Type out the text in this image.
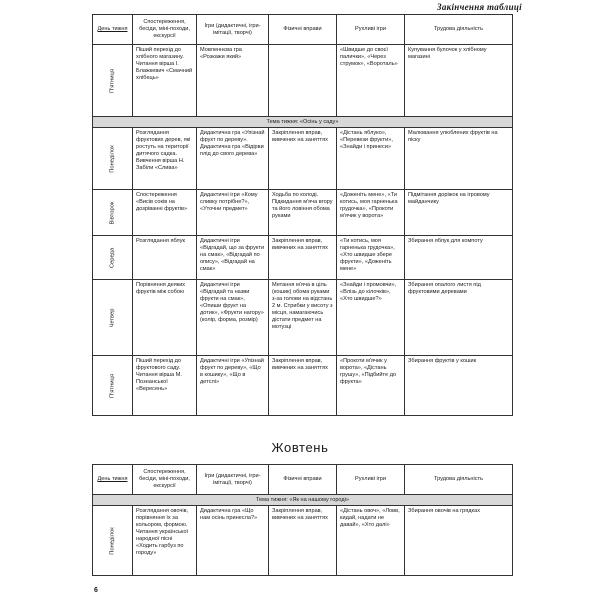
Закінчення таблиці
День тижня	Спостереження, бесіди, міні-походи, екскурсії	Ігри (дидактичні, ігри-імітації, творчі)	Фізичні вправи	Рухливі ігри	Трудова діяльність

П'ятниця	Піший перехід до хлібного магазину. Читання вірша І. Блажкевич «Смачний хлібець»	Мовленнєва гра «Розкажи який»		«Швидше до своєї палички», «Через струмок», «Вороталь»	Купування булочок у хлібному магазині
Тема тижня: «Осінь у саду»					

Понеділок	Розглядання фруктових дерев, які ростуть на території дитячого садка. Вивчення вірша Н. Забіли «Слива»	Дидактична гра «Упізнай фрукт по дереву». Дидактична гра «Відірви плід до свого дерева»	Закріплення вправ, вивчених на заняттях	«Дістань яблуко», «Перевези фрукти», «Знайди і принеси»	Малювання улюблених фруктів на піску

Вівторок	Спостереження «Висів соків на дозріванні фруктів»	Дидактичні ігри «Кому сливку потрібне?», «Уточни предмет»	Ходьба по колоді. Підкидання м'яча вгору та його ловіння обома руками	«Доженіть мене», «Ти котись, моя гарненька грудочка», «Прокоти м'ячик у ворота»	Підмітання доріжок на ігровому майданчику

Середа	Розглядання яблук	Дидактичні ігри «Відгадай, що за фрукти на смак», «Відгадай по опису», «Відгадай на смак»	Закріплення вправ, вивчених на заняттях	«Ти котись, моя гарненька грудочка», «Хто швидше збере фрукти», «Доженіть мене»	Збирання яблук для компоту

Четвер	Порівняння деяких фруктів між собою	Дидактичні ігри «Відгадай та назви фрукти на смак», «Опиши фрукт на дотик», «Фрукти нагору» (колір, форма, розмір)	Метання м'яча в ціль (кошик) обома руками з-за голови на відстань 2 м. Стрибки у висоту з місця, намагаючись дістати предмет на мотузці	«Знайди і промовчи», «Влізь до кілочків», «Хто швидше?»	Збирання опалого листя під фруктовими деревами

П'ятниця	Піший перехід до фруктового саду. Читання вірша М. Познанської «Вересень»	Дидактичні ігри «Упізнай фрукт по дереву», «Що в кошику», «Що в детслі»	Закріплення вправ, вивчених на заняттях	«Прокоти м'ячик у ворота», «Дістань грушу», «Підбийте до фрукта»	Збирання фруктів у кошик
Жовтень
День тижня	Спостереження, бесіди, міні-походи, екскурсії	Ігри (дидактичні, ігри-імітації, творчі)	Фізичні вправи	Рухливі ігри	Трудова діяльність
Тема тижня: «Як на нашому городі»					

Понеділок	Розглядання овочів, порівняння їх за кольором, формою. Читання української народної пісні «Ходить гарбуз по городу»	Дидактична гра «Що нам осінь принесла?»	Закріплення вправ, вивчених на заняттях	«Дістань овоч», «Ловв, кидай, надати не давай», «Хто далі»	Збирання овочів на грядках
6
